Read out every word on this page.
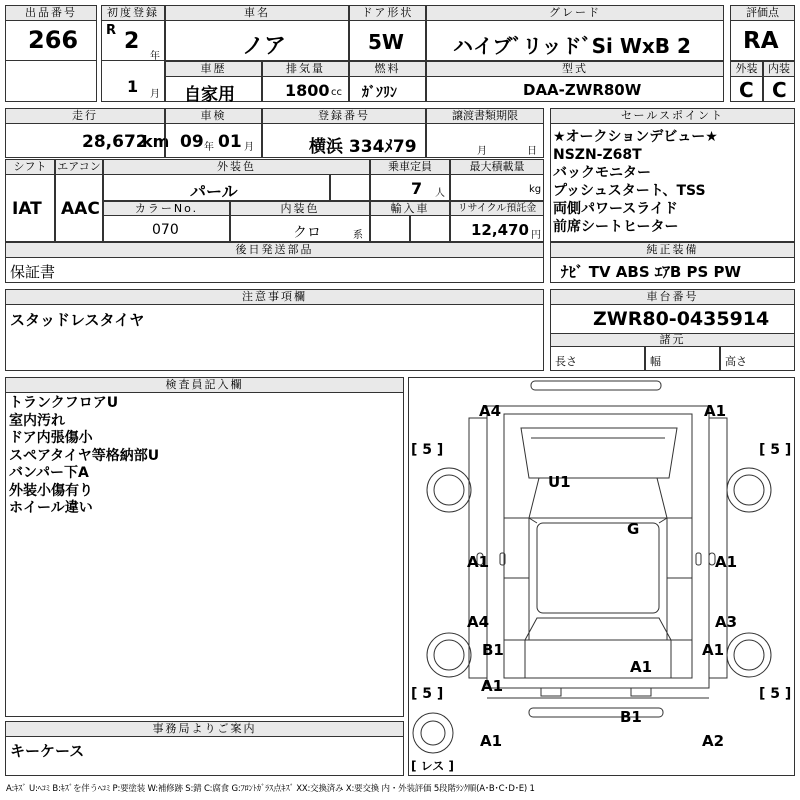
出品番号
266
初度登録
R 2
年
1 月
車名
ノア
ドア形状
5W
グレード
ハイブﾞリッドﾞSi WxB 2
評価点
RA
車歴
自家用
排気量
1800 cc
燃料
ｶﾞｿﾘﾝ
型式
DAA-ZWR80W
外装
C
内装
C
走行
28,672
km
車検
09 年 01 月
登録番号
横浜 334ﾒ79
譲渡書類期限
月	日
セールスポイント
★オークションデビュー★
NSZN-Z68T
バックモニター
プッシュスタート、TSS
両側パワースライド
前席シートヒーター
シフト
IAT
エアコン
AAC
外装色
パール
乗車定員
7 人
最大積載量
kg
カラーNo.
070
内装色
クロ	系
輸入車	リサイクル預託金
12,470 円
後日発送部品
保証書
純正装備
ﾅﾋﾞ TV ABS ｴｱB PS PW
注意事項欄
スタッドレスタイヤ
車台番号
ZWR80-0435914
諸元
長さ	幅	高さ
検査員記入欄
トランクフロアU
室内汚れ
ドア内張傷小
スペアタイヤ等格納部U
バンパー下A
外装小傷有り
ホイール違い
事務局よりご案内
キーケース
A4	A1
U1
G
A1	A1
A4	A3
B1	A1
A1
A1
B1
A1	A2
[ 5 ]	[ 5 ]
[ 5 ]	[ 5 ]
[ レス ]
A:ｷｽﾞ U:ﾍｺﾐ B:ｷｽﾞを伴うﾍｺﾐ P:要塗装 W:補修跡 S:錆 C:腐食 G:ﾌﾛﾝﾄｶﾞﾗｽ点ｷｽﾞ XX:交換済み X:要交換 内・外装評価 5段階ﾗﾝｸ順(A･B･C･D･E) 1
